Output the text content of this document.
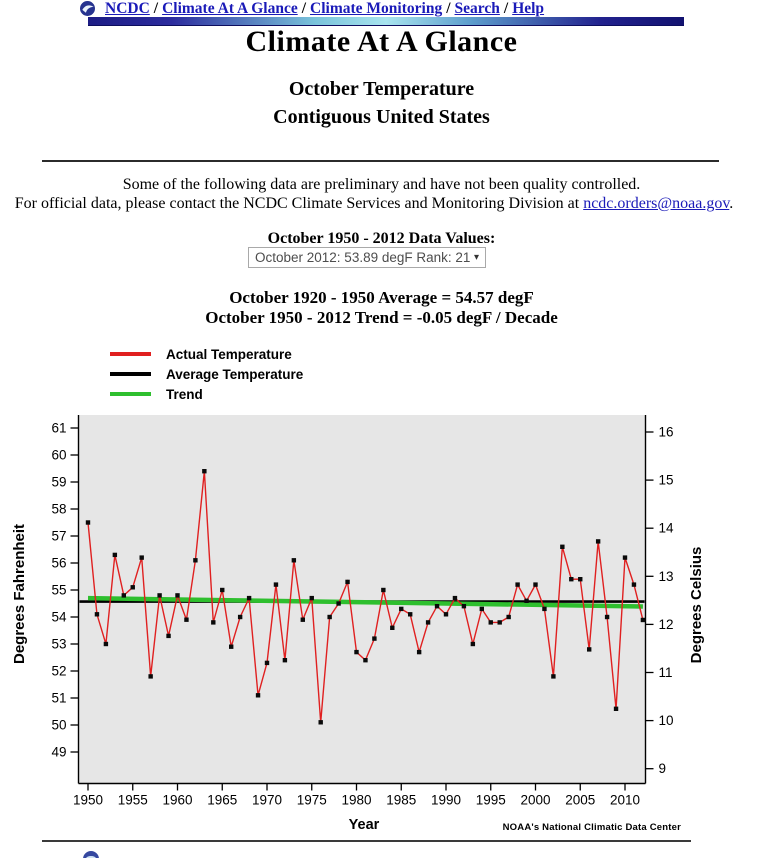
NCDC / Climate At A Glance / Climate Monitoring / Search / Help
Climate At A Glance
October Temperature
Contiguous United States
Some of the following data are preliminary and have not been quality controlled.
For official data, please contact the NCDC Climate Services and Monitoring Division at ncdc.orders@noaa.gov.
October 1950 - 2012 Data Values:
October 2012: 53.89 degF Rank: 21 ▾
October 1920 - 1950 Average = 54.57 degF
October 1950 - 2012 Trend = -0.05 degF / Decade
Actual Temperature
Average Temperature
Trend
61
60
59
58
57
56
55
54
53
52
51
50
49
16
15
14
13
12
11
10
9
1950 1955 1960 1965 1970 1975 1980 1985 1990 1995 2000 2005 2010
Degrees Fahrenheit	Degrees Celsius
Year	NOAA's National Climatic Data Center
